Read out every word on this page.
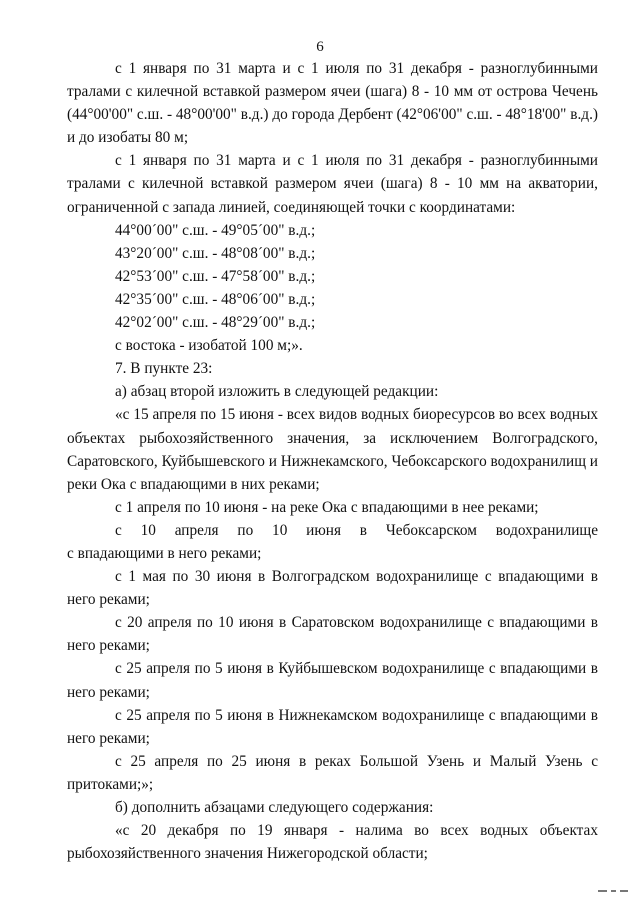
6

с 1 января по 31 марта и с 1 июля по 31 декабря - разноглубинными
тралами с килечной вставкой размером ячеи (шага) 8 - 10 мм от острова Чечень (44°00'00" с.ш. - 48°00'00" в.д.) до города Дербент (42°06'00" с.ш. - 48°18'00" в.д.) и до изобаты 80 м;

с 1 января по 31 марта и с 1 июля по 31 декабря - разноглубинными
тралами с килечной вставкой размером ячеи (шага) 8 - 10 мм на акватории, ограниченной с запада линией, соединяющей точки с координатами:

44°00´00" с.ш. - 49°05´00" в.д.;

43°20´00" с.ш. - 48°08´00" в.д.;

42°53´00" с.ш. - 47°58´00" в.д.;

42°35´00" с.ш. - 48°06´00" в.д.;

42°02´00" с.ш. - 48°29´00" в.д.;

с востока - изобатой 100 м;».

7. В пункте 23:

а) абзац второй изложить в следующей редакции:

«с 15 апреля по 15 июня - всех видов водных биоресурсов во всех водных объектах рыбохозяйственного значения, за исключением Волгоградского, Саратовского, Куйбышевского и Нижнекамского, Чебоксарского водохранилищ и реки Ока с впадающими в них реками;

с 1 апреля по 10 июня - на реке Ока с впадающими в нее реками;

с 10 апреля по 10 июня в Чебоксарском водохранилище
с впадающими в него реками;

с 1 мая по 30 июня в Волгоградском водохранилище с впадающими в него реками;

с 20 апреля по 10 июня в Саратовском водохранилище с впадающими в него реками;

с 25 апреля по 5 июня в Куйбышевском водохранилище с впадающими в него реками;

с 25 апреля по 5 июня в Нижнекамском водохранилище с впадающими в него реками;

с 25 апреля по 25 июня в реках Большой Узень и Малый Узень с притоками;»;

б) дополнить абзацами следующего содержания:

«с 20 декабря по 19 января - налима во всех водных объектах рыбохозяйственного значения Нижегородской области;
